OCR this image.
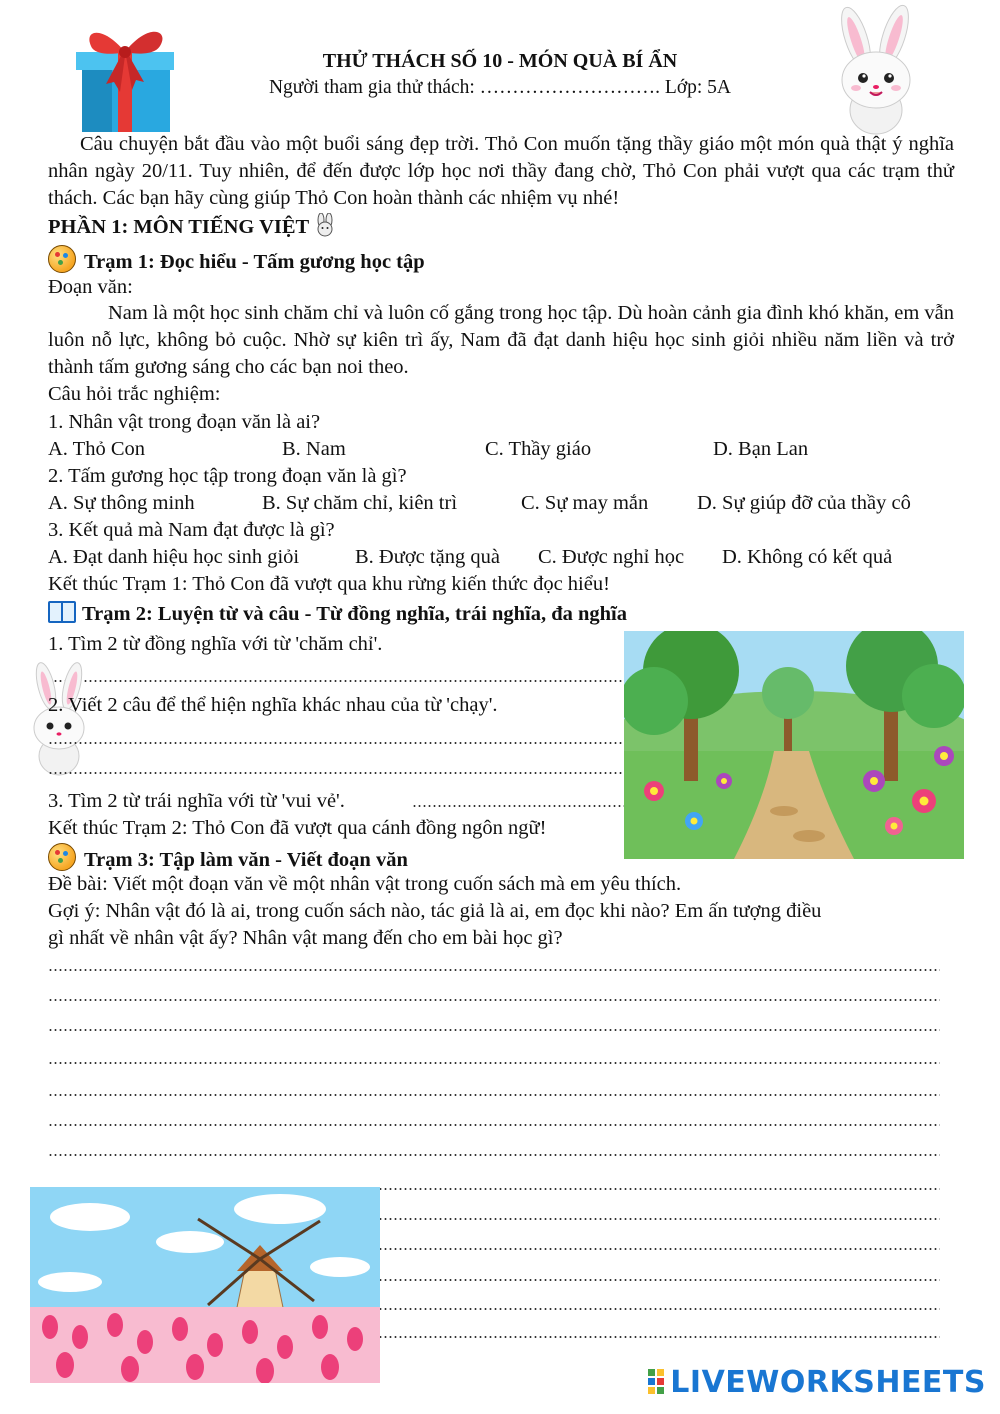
THỬ THÁCH SỐ 10 - MÓN QUÀ BÍ ẨN
Người tham gia thử thách: ………………………. Lớp: 5A
Câu chuyện bắt đầu vào một buổi sáng đẹp trời. Thỏ Con muốn tặng thầy giáo một món quà thật ý nghĩa nhân ngày 20/11. Tuy nhiên, để đến được lớp học nơi thầy đang chờ, Thỏ Con phải vượt qua các trạm thử thách. Các bạn hãy cùng giúp Thỏ Con hoàn thành các nhiệm vụ nhé!
PHẦN 1: MÔN TIẾNG VIỆT
Trạm 1: Đọc hiểu - Tấm gương học tập
Đoạn văn:
Nam là một học sinh chăm chỉ và luôn cố gắng trong học tập. Dù hoàn cảnh gia đình khó khăn, em vẫn luôn nỗ lực, không bỏ cuộc. Nhờ sự kiên trì ấy, Nam đã đạt danh hiệu học sinh giỏi nhiều năm liền và trở thành tấm gương sáng cho các bạn noi theo.
Câu hỏi trắc nghiệm:
1. Nhân vật trong đoạn văn là ai?
A. Thỏ Con	B. Nam	C. Thầy giáo	D. Bạn Lan
2. Tấm gương học tập trong đoạn văn là gì?
A. Sự thông minh	B. Sự chăm chỉ, kiên trì	C. Sự may mắn D. Sự giúp đỡ của thầy cô
3. Kết quả mà Nam đạt được là gì?
A. Đạt danh hiệu học sinh giỏi	B. Được tặng quà C. Được nghỉ học D. Không có kết quả
Kết thúc Trạm 1: Thỏ Con đã vượt qua khu rừng kiến thức đọc hiểu!
Trạm 2: Luyện từ và câu - Từ đồng nghĩa, trái nghĩa, đa nghĩa
1. Tìm 2 từ đồng nghĩa với từ 'chăm chỉ'.
2. Viết 2 câu để thể hiện nghĩa khác nhau của từ 'chạy'.
3. Tìm 2 từ trái nghĩa với từ 'vui vẻ'.
Kết thúc Trạm 2: Thỏ Con đã vượt qua cánh đồng ngôn ngữ!
Trạm 3: Tập làm văn - Viết đoạn văn
Đề bài: Viết một đoạn văn về một nhân vật trong cuốn sách mà em yêu thích.
Gợi ý: Nhân vật đó là ai, trong cuốn sách nào, tác giả là ai, em đọc khi nào? Em ấn tượng điều
gì nhất về nhân vật ấy? Nhân vật mang đến cho em bài học gì?
LIVEWORKSHEETS
